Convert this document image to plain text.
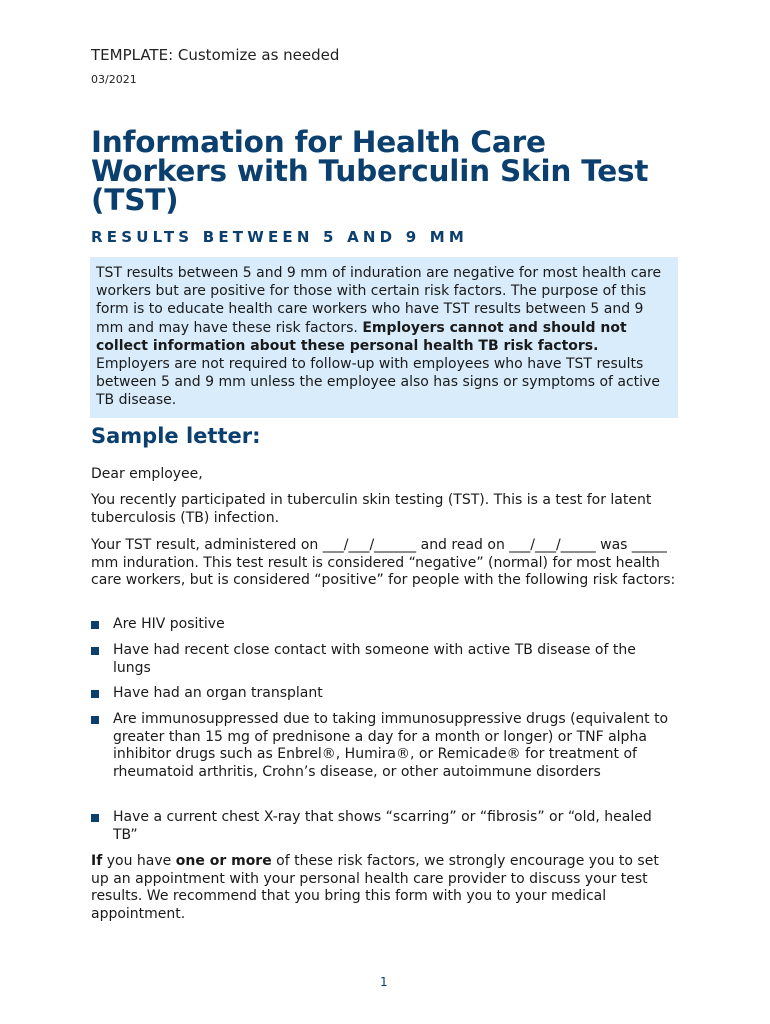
TEMPLATE: Customize as needed
03/2021
Information for Health Care
Workers with Tuberculin Skin Test
(TST)
RESULTS BETWEEN 5 AND 9 MM
TST results between 5 and 9 mm of induration are negative for most health care workers but are positive for those with certain risk factors. The purpose of this form is to educate health care workers who have TST results between 5 and 9 mm and may have these risk factors. Employers cannot and should not collect information about these personal health TB risk factors. Employers are not required to follow-up with employees who have TST results between 5 and 9 mm unless the employee also has signs or symptoms of active TB disease.
Sample letter:

Dear employee,

You recently participated in tuberculin skin testing (TST). This is a test for latent tuberculosis (TB) infection.

Your TST result, administered on ___/___/______ and read on ___/___/_____ was _____ mm induration. This test result is considered “negative” (normal) for most health care workers, but is considered “positive” for people with the following risk factors:

Are HIV positive
Have had recent close contact with someone with active TB disease of the lungs
Have had an organ transplant
Are immunosuppressed due to taking immunosuppressive drugs (equivalent to greater than 15 mg of prednisone a day for a month or longer) or TNF alpha inhibitor drugs such as Enbrel®, Humira®, or Remicade® for treatment of rheumatoid arthritis, Crohn’s disease, or other autoimmune disorders
Have a current chest X-ray that shows “scarring” or “fibrosis” or “old, healed TB”

If you have one or more of these risk factors, we strongly encourage you to set up an appointment with your personal health care provider to discuss your test results. We recommend that you bring this form with you to your medical appointment.

1
